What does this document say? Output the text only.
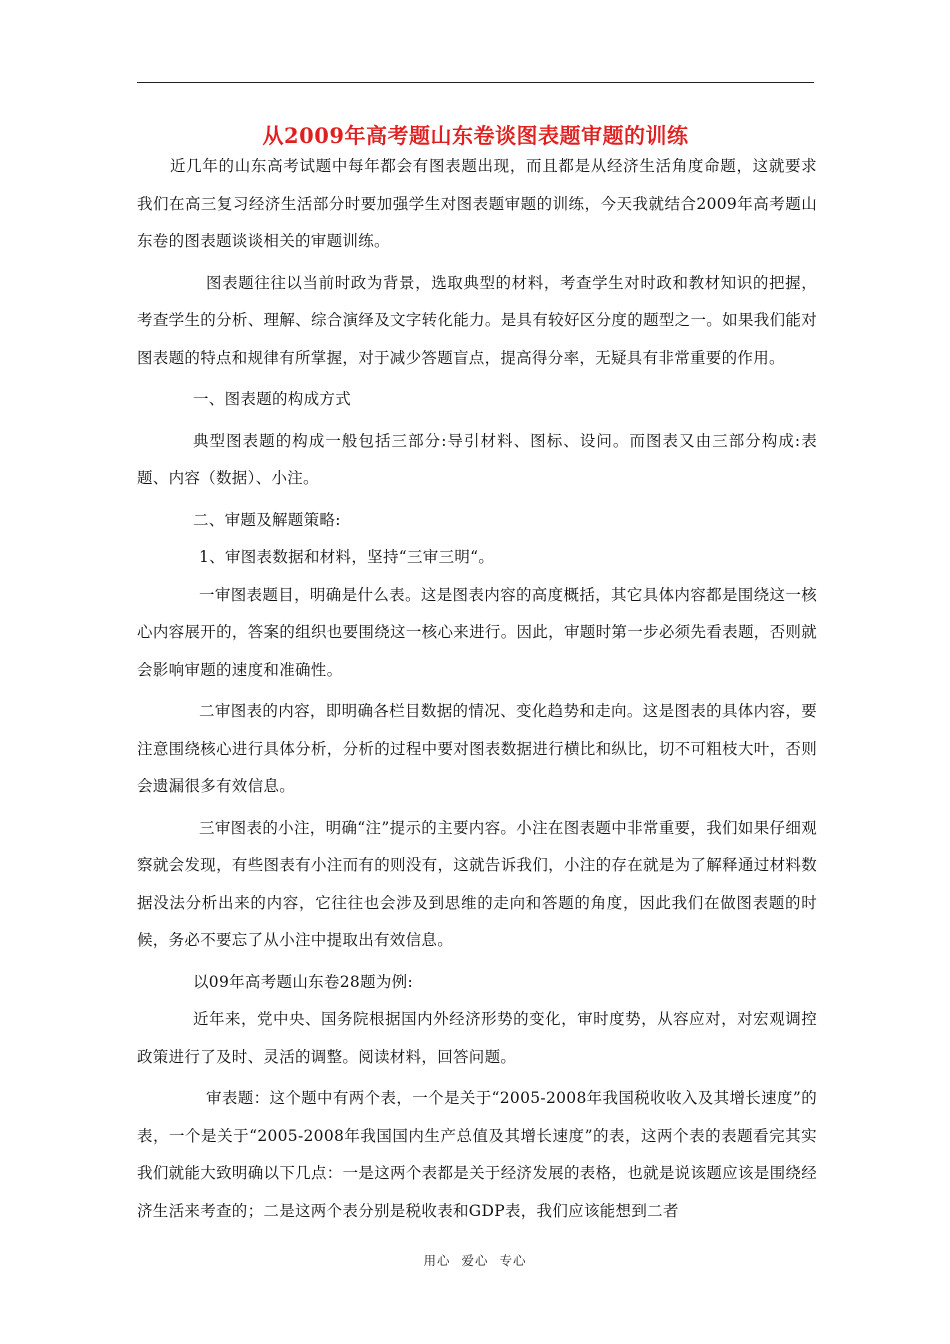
从2009年高考题山东卷谈图表题审题的训练

近几年的山东高考试题中每年都会有图表题出现，而且都是从经济生活角度命题，这就要求我们在高三复习经济生活部分时要加强学生对图表题审题的训练，今天我就结合2009年高考题山东卷的图表题谈谈相关的审题训练。

图表题往往以当前时政为背景，选取典型的材料，考查学生对时政和教材知识的把握，考查学生的分析、理解、综合演绎及文字转化能力。是具有较好区分度的题型之一。如果我们能对图表题的特点和规律有所掌握，对于减少答题盲点，提高得分率，无疑具有非常重要的作用。

一、图表题的构成方式

典型图表题的构成一般包括三部分:导引材料、图标、设问。而图表又由三部分构成:表题、内容（数据）、小注。

二、审题及解题策略:

1、审图表数据和材料，坚持“三审三明“。

一审图表题目，明确是什么表。这是图表内容的高度概括，其它具体内容都是围绕这一核心内容展开的，答案的组织也要围绕这一核心来进行。因此，审题时第一步必须先看表题，否则就会影响审题的速度和准确性。

二审图表的内容，即明确各栏目数据的情况、变化趋势和走向。这是图表的具体内容，要注意围绕核心进行具体分析，分析的过程中要对图表数据进行横比和纵比，切不可粗枝大叶，否则会遗漏很多有效信息。

三审图表的小注，明确“注”提示的主要内容。小注在图表题中非常重要，我们如果仔细观察就会发现，有些图表有小注而有的则没有，这就告诉我们，小注的存在就是为了解释通过材料数据没法分析出来的内容，它往往也会涉及到思维的走向和答题的角度，因此我们在做图表题的时候，务必不要忘了从小注中提取出有效信息。

以09年高考题山东卷28题为例:

近年来，党中央、国务院根据国内外经济形势的变化，审时度势，从容应对，对宏观调控政策进行了及时、灵活的调整。阅读材料，回答问题。

审表题：这个题中有两个表，一个是关于“2005-2008年我国税收收入及其增长速度”的表，一个是关于“2005-2008年我国国内生产总值及其增长速度”的表，这两个表的表题看完其实我们就能大致明确以下几点：一是这两个表都是关于经济发展的表格，也就是说该题应该是围绕经济生活来考查的；二是这两个表分别是税收表和GDP表，我们应该能想到二者

用心 爱心 专心
